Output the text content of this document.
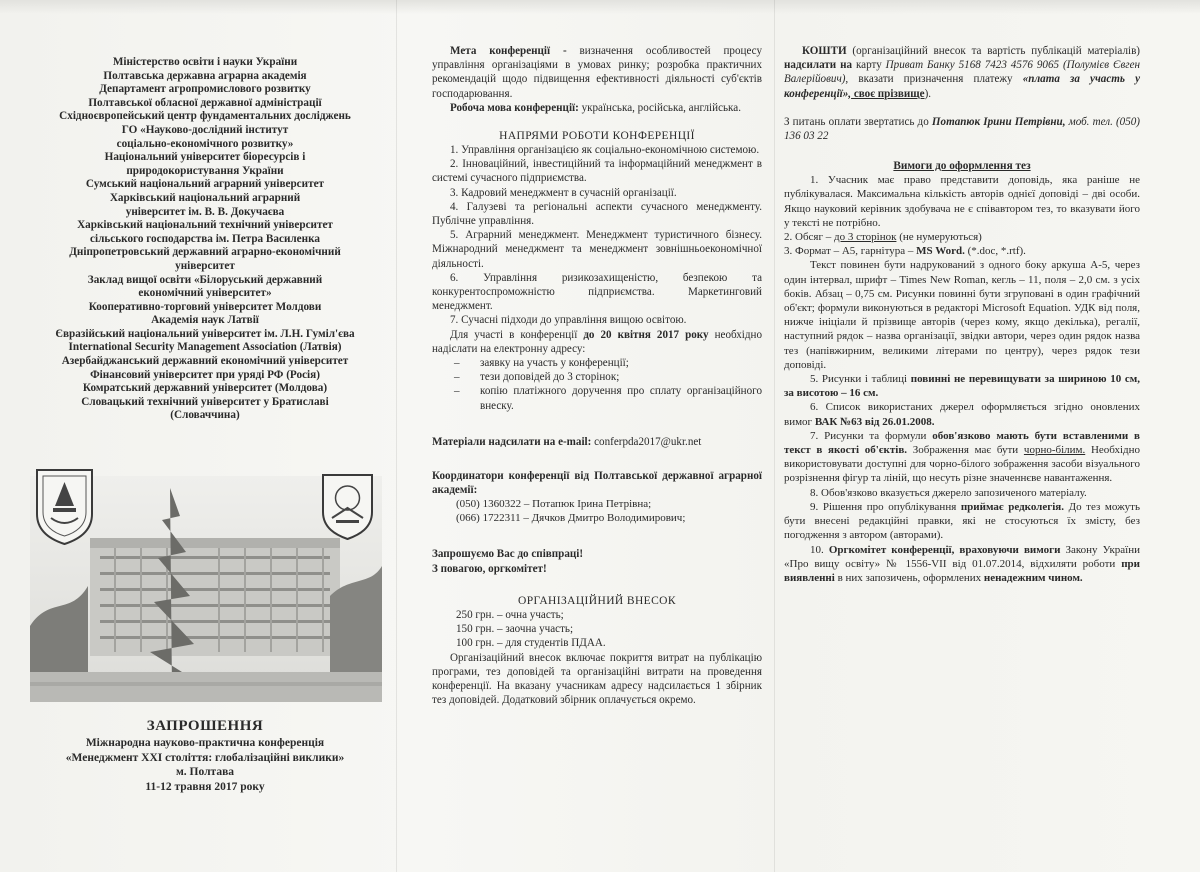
Міністерство освіти і науки України
Полтавська державна аграрна академія
Департамент агропромислового розвитку
Полтавської обласної державної адміністрації
Східноєвропейський центр фундаментальних досліджень
ГО «Науково-дослідний інститут
соціально-економічного розвитку»
Національний університет біоресурсів і
природокористування України
Сумський національний аграрний університет
Харківський національний аграрний
університет ім. В. В. Докучаєва
Харківський національний технічний університет
сільського господарства ім. Петра Василенка
Дніпропетровський державний аграрно-економічний
університет
Заклад вищої освіти «Білоруський державний
економічний університет»
Кооперативно-торговий університет Молдови
Академія наук Латвії
Євразійський національний університет ім. Л.Н. Гуміл'єва
International Security Management Association (Латвія)
Азербайджанський державний економічний університет
Фінансовий університет при уряді РФ (Росія)
Комратський державний університет (Молдова)
Словацький технічний університет у Братиславі
(Словаччина)
ЗАПРОШЕННЯ
Міжнародна науково-практична конференція
«Менеджмент XXI століття: глобалізаційні виклики»
м. Полтава
11-12 травня 2017 року
Мета конференції - визначення особливостей процесу управління організаціями в умовах ринку; розробка практичних рекомендацій щодо підвищення ефективності діяльності суб'єктів господарювання.
Робоча мова конференції: українська, російська, англійська.
НАПРЯМИ РОБОТИ КОНФЕРЕНЦІЇ
1. Управління організацією як соціально-економічною системою.
2. Інноваційний, інвестиційний та інформаційний менеджмент в системі сучасного підприємства.
3. Кадровий менеджмент в сучасній організації.
4. Галузеві та регіональні аспекти сучасного менеджменту. Публічне управління.
5. Аграрний менеджмент. Менеджмент туристичного бізнесу. Міжнародний менеджмент та менеджмент зовнішньоекономічної діяльності.
6. Управління ризикозахищеністю, безпекою та конкурентоспроможністю підприємства. Маркетинговий менеджмент.
7. Сучасні підходи до управління вищою освітою.
Для участі в конференції до 20 квітня 2017 року необхідно надіслати на електронну адресу:
– заявку на участь у конференції;
– тези доповідей до 3 сторінок;
– копію платіжного доручення про сплату організаційного внеску.
Матеріали надсилати на e-mail: conferpda2017@ukr.net
Координатори конференції від Полтавської державної аграрної академії:
(050) 1360322 – Потапюк Ірина Петрівна;
(066) 1722311 – Дячков Дмитро Володимирович;
Запрошуємо Вас до співпраці!
З повагою, оргкомітет!
ОРГАНІЗАЦІЙНИЙ ВНЕСОК
250 грн. – очна участь;
150 грн. – заочна участь;
100 грн. – для студентів ПДАА.
Організаційний внесок включає покриття витрат на публікацію програми, тез доповідей та організаційні витрати на проведення конференції. На вказану учасникам адресу надсилається 1 збірник тез доповідей. Додатковий збірник оплачується окремо.
КОШТИ (організаційний внесок та вартість публікацій матеріалів) надсилати на карту Приват Банку 5168 7423 4576 9065 (Полумієв Євген Валерійович), вказати призначення платежу «плата за участь у конференції», своє прізвище).
З питань оплати звертатись до Потапюк Ірини Петрівни, моб. тел. (050) 136 03 22
Вимоги до оформлення тез
1. Учасник має право представити доповідь, яка раніше не публікувалася. Максимальна кількість авторів однієї доповіді – дві особи. Якщо науковий керівник здобувача не є співавтором тез, то вказувати його у тексті не потрібно.
2. Обсяг – до 3 сторінок (не нумеруються)
3. Формат – А5, гарнітура – MS Word. (*.doc, *.rtf).
Текст повинен бути надрукований з одного боку аркуша А-5, через один інтервал, шрифт – Times New Roman, кегль – 11, поля – 2,0 см. з усіх боків. Абзац – 0,75 см. Рисунки повинні бути згруповані в один графічний об'єкт; формули виконуються в редакторі Microsoft Equation. УДК від поля, нижче ініціали й прізвище авторів (через кому, якщо декілька), регалії, наступний рядок – назва організації, звідки автори, через один рядок назва тез (напівжирним, великими літерами по центру), через рядок тези доповіді.
5. Рисунки і таблиці повинні не перевищувати за шириною 10 см, за висотою – 16 см.
6. Список використаних джерел оформляється згідно оновлених вимог ВАК №63 від 26.01.2008.
7. Рисунки та формули обов'язково мають бути вставленими в текст в якості об'єктів. Зображення має бути чорно-білим. Необхідно використовувати доступні для чорно-білого зображення засоби візуального розрізнення фігур та ліній, що несуть різне значеннєве навантаження.
8. Обов'язково вказується джерело запозиченого матеріалу.
9. Рішення про опублікування приймає редколегія. До тез можуть бути внесені редакційні правки, які не стосуються їх змісту, без погодження з автором (авторами).
10. Оргкомітет конференції, враховуючи вимоги Закону України «Про вищу освіту» № 1556-VII від 01.07.2014, відхиляти роботи при виявленні в них запозичень, оформлених ненадежним чином.
